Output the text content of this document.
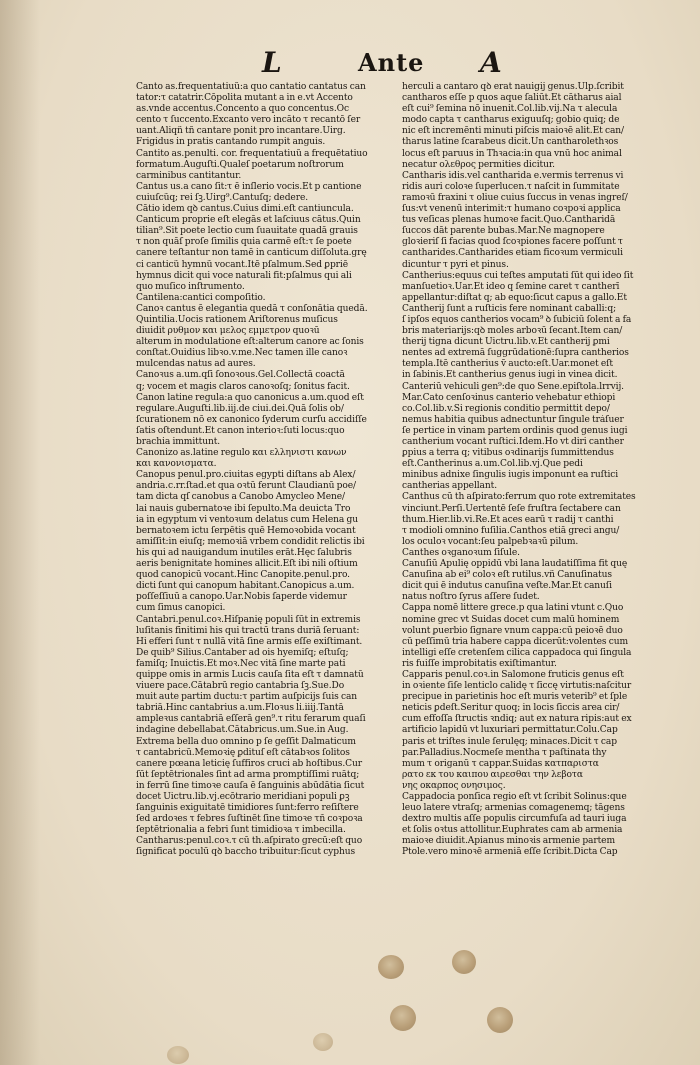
L	Ante A
Canto as.frequentatiuũ:a quo cantatio cantatus can
tator:τ catatrir.Cōpolita mutant a in e.vt Accento
as.vnde accentus.Concento a quo concentus.Oc
cento τ ſuccento.Excanto vero incāto τ recantō ſer
uant.Aliqñ tñ cantare ponit pro incantare.Uirg.
Frigidus in pratis cantando rumpit anguis.
Cantito as.penulti. cor. frequentatiuũ a frequētatiuo
formatum.Auguſti.Qualeſ poetarum noſtrorum
carminibus cantitantur.
Cantus us.a cano ſit:τ ē inſlerio vocis.Et p cantione
cuiuſcũq; rei ſꝫ.Uirg⁹.Cantuſq; dedere.
Cātio idem qꝺ cantus.Cuius dimi.eſt cantiuncula.
Canticum proprie eſt elegās et laſciuus cātus.Quin
tilian⁹.Sit poete lectio cum ſuauitate quadā grauis
τ non quāſ proſe ſimilis quia carmē eſt:τ ſe poete
canere teſtantur non tamē in canticum diſſoluta.grę
ci canticũ hymnũ vocant.Itē pſalmum.Sed ꝑpriẽ
hymnus dicit̃ qui voce naturali fit:pſalmus qui ali
quo muſico inſtrumento.
Cantilena:cantici compoſitio.
Canoꝛ cantus ē elegantia quedā τ conſonātia quedā.
Quintilia.Uocis rationem Ariſtorenus muſicus
diuidit ρυθμον και μελος εμμετρον quoꝛū
alterum in modulatione eſt:alterum canore ac ſonis
conſtat.Ouidius libꝛo.v.me.Nec tamen ille canoꝛ
mulcendas natus ad aures.
Canoꝛus a.um.qſi ſonoꝛous.Gel.Collectā coactā
q; vocem et magis claros canoꝛoſq; ſonitus facit.
Canon latine regula:a quo canonicus a.um.quod eſt
regulare.Auguſti.lib.iij.de ciui.dei.Quā ſolis ob/
ſcurationem nō ex canonico ſyderum curſu accidiſſe
ſatis oſtendunt.Et canon interioꝛ:ſuti locus:quo
brachia immittunt.
Canonizo as.latine regulo και ελληνιστι κανων
και κανονισματα.
Canopus penul.pro.ciuitas egypti diſtans ab Alex/
andria.c.rr.ſtad.et qua oꝛtū ferunt Claudianū poe/
tam dicta qſ canobus a Canobo Amycleo Mene/
lai nauis gubernatoꝛe ibi ſepulto.Ma deuicta Tro
ia in egyptum vi ventoꝛum delatus cum Helena gu
bernatoꝛem ictu ſerpētis quē Hemoꝛobida vocant
amiſſit:in eiuſq; memoꝛiā vrbem condidit relictis ibi
his qui ad nauigandum inutiles erāt.Hęc ſalubris
aeris benignitate homines allicit.Eſt ibi nili oſtium
quod canopicū vocant.Hinc Canopite.penul.pro.
dicti ſunt qui canopum habitant.Canopicus a.um.
poſſeſſiuū a canopo.Uar.Nobis ſaperde videmur
cum ſimus canopici.
Cantabri.penul.coꝛ.Hiſpanię populi ſūt in extremis
luſitanis finitimi his qui tractū trans duriā ſeruant:
Hi efferi ſunt τ nullā vitā ſine armis eſſe exiſtimant.
De quib⁹ Silius.Cantaber ad ois hyemiſq; eſtuſq;
famiſq; Inuictis.Et moꝛ.Nec vitā ſine marte pati
quippe omis in armis Lucis cauſa ſita eſt τ damnatũ
viuere pace.Cātabrū regio cantabria ſꝫ.Sue.Do
muit aute partim ductu:τ partim auſpicijs ſuis can
tabriā.Hinc cantabrius a.um.Floꝛus li.iiij.Tantā
ampleꝛus cantabriā eſſerā gen⁹.τ ritu ferarum quaſi
indagine debellabat.Cātabricus.um.Sue.in Aug.
Extrema bella duo omnino p ſe geſſit Dalmaticum
τ cantabricū.Memoꝛię ꝑdituſ eſt cātabꝛos ſolitos
canere pœana leticię ſuffiros cruci ab hoſtibus.Cur
ſūt ſeptētrionales ſint ad arma promptiſſimi ruātq;
in ferrū ſine timoꝛe cauſa ē ſanguinis abūdātia ſicut
docet Uictru.lib.vj.ecōtrario meridiani populi ꝑꝫ
ſanguinis exiguitatē timidiores ſunt:ferro reſiſtere
ſed ardoꝛes τ febres ſuſtinēt ſine timoꝛe τñ coꝛpoꝛa
ſeptētrionalia a febri ſunt timidioꝛa τ imbecilla.
Cantharus:penul.coꝛ.τ cū th.aſpirato grecū:eſt quo
ſignificat̃ poculū qꝺ baccho tribuitur:ſicut cyphus
herculi a cantaro qꝺ erat nauigij genus.Ulp.ſcribit
cantharos eſſe p quos aque ſaliūt.Et cātharus aial
eſt cui⁹ ſemina nō inuenit.Col.lib.vij.Na τ alecula
modo capta τ cantharus exiguuſq; gobio quiq; de
nic eſt incremēnti minuti piſcis maioꝛē alit.Et can/
tharus latine ſcarabeus dicit.Un cantharolethꝛos
locus eſt paruus in Thꝛacia:in qua vnū hoc animal
necatur ολεθρος permities dicitur.
Cantharis idis.vel cantharida e.vermis terrenus vi
ridis auri coloꝛe ſuperlucen.τ naſcit in ſummitate
ramoꝛū fraxini τ oliue cuius ſuccus in venas ingreſ/
ſus:vt venenū interimit:τ humano coꝛpoꝛi applica
tus veſicas plenas humoꝛe facit.Quo.Cantharidā
ſuccos dāt parente bubas.Mar.Ne magnopere
gloꝛieriſ ſi facias quod ſcoꝛpiones facere poſſunt τ
cantharides.Cantharides etiam ficoꝛum vermiculi
dicuntur τ pyri et pinus.
Cantherius:equus cui teſtes amputati ſūt qui ideo ſit
manſuetioꝛ.Uar.Et ideo q ſemine caret τ cantherī
appellantur:diſtat q; ab equo:ſicut capus a gallo.Et
Cantherij ſunt a ruſticis fere nominant̃ caballi:q;
ſ ipſos equos cantherios vocam⁹ ꝺ ſubiciū ſolent a fa
bris materiarijs:qꝺ moles arboꝛū ſecant.Item can/
therij tigna dicunt Uictru.lib.v.Et cantherij ꝑmi
nentes ad extremā ſuggrūdationē:ſupra cantherios
templa.Itē cantherius v̄ aucto:eſt.Uar.monet eſt
in ſabinis.Et cantherius genus iugi in vinea dicit.
Canteriū vehiculi gen⁹:de quo Sene.epiſtola.lrrvij.
Mar.Cato cenſoꝛinus canterio vehebatur ethiopi
co.Col.lib.v.Si regionis conditio permittit depo/
nemus habitia quibus adnectuntur ſingule tráſuer
ſe pertice in vinam partem ordinis quod genus iugi
cantherium vocant ruſtici.Idem.Ho vt diri canther
ꝑpius a terra q; vitibus oꝛdinarijs ſummittendus
eſt.Cantherinus a.um.Col.lib.vj.Que pedi
minibus adnixe ſingulis iugis imponunt̃ ea ruſtici
cantherias appellant.
Canthus cū th aſpirato:ferrum quo rote extremitates
vinciunt̃.Perſi.Uertentē ſeſe fruſtra ſectabere can
thum.Hier.lib.vi.Re.Et aces earū τ radij τ canthi
τ modioli omnino fuſilia.Canthos etiā greci angu/
los oculoꝛ vocant:ſeu palpebꝛaꝛū pilum.
Canthes oꝛganoꝛum ſiſule.
Canuſiū Apulię oppidū vbi lana laudatiſſima fit quę
Canuſina ab ei⁹ coloꝛ eſt rutilus.vñ Canuſinatus
dicit̃ qui ē indutus canuſina veſte.Mar.Et canuſi
natus noſtro ſyrus aſſere ſudet.
Cappa nomē littere grece.p qua latini vtunt̃ c.Quo
nomine grec vt Suidas docet cum malū hominem
volunt ꝑuerbio ſignare vnum cappa:cū peioꝛē duo
cū peſſimū tria habere cappa dicerūt:volentes cum
intelligi eſſe cretenſem cilica cappadoca qui ſingula
ris fuiſſe improbitatis exiſtimantur.
Capparis penul.coꝛ.in Salomone fruticis genus eſt
in oꝛiente ſiſe lenticlo calidę τ ſiccę virtutis:naſcitur
precipue in parietinis hoc eſt muris veterib⁹ et ſple
neticis ꝑdeſt.Seritur quoq; in locis ſiccis area cir/
cum effoſſa ſtructis ꝛndiq; aut ex natura ripis:aut ex
artificio lapidū vt luxuriari permittatur.Colu.Cap
paris et triſtes inule ſerulęq; minaces.Dicit̃ τ cap
par.Palladius.Nocmeſe mentha τ paſtinata thy
mum τ origanū τ cappar.Suidas κατπαριστα
ρατο εκ του καιπου αιρεσθαι την λεβοτα
νης οκαρπος ονησιμος.
Cappadocia ponſica regio eſt vt ſcribit Solinus:que
leuo latere vtraſq; armenias comagenemq; tāgens
dextro multis aſſe populis circumfuſa ad tauri iuga
et ſolis oꝛtus attollitur.Euphrates cam ab armenia
maioꝛe diuidit.Apianus minoꝛis armenie partem
Ptole.vero minoꝛē armeniā eſſe ſcribit.Dicta Cap
